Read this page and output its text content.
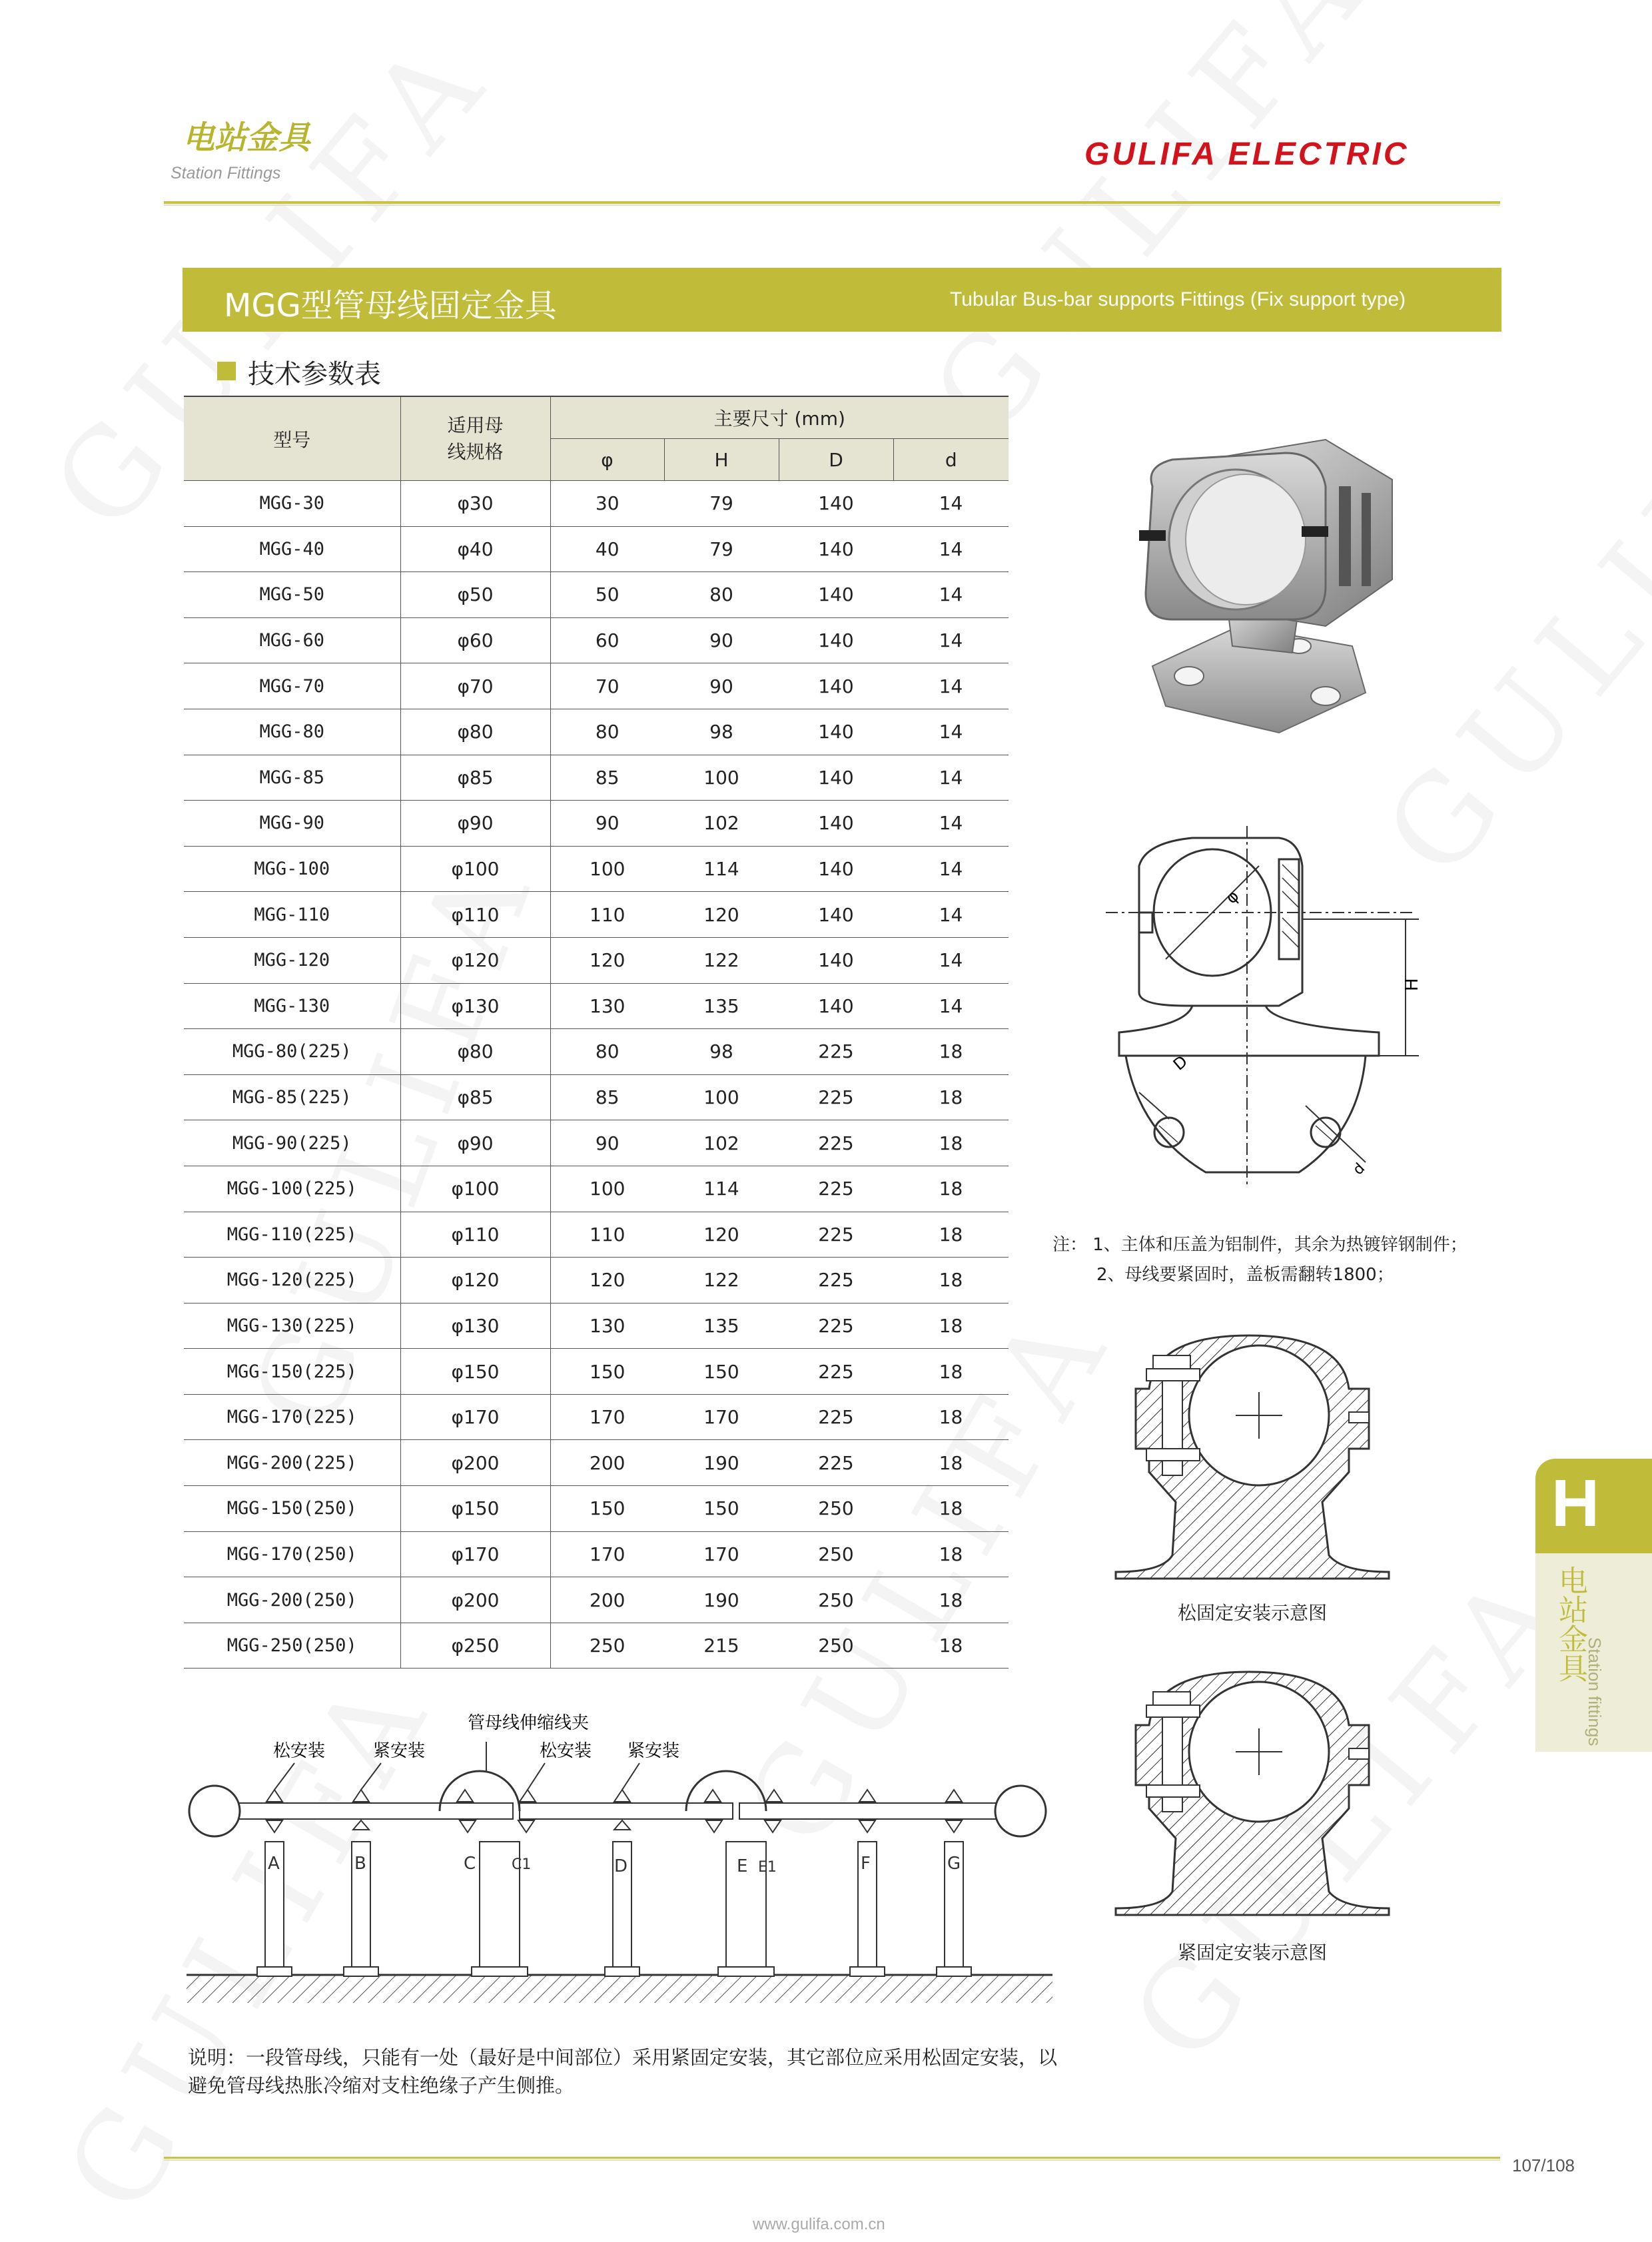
电站金具
Station Fittings
GULIFA ELECTRIC
MGG型管母线固定金具	Tubular Bus-bar supports Fittings (Fix support type)
技术参数表
型号	适用母线规格	主要尺寸 (mm)			
		φ	H	D	d
MGG-30	φ30	30	79	140	14
MGG-40	φ40	40	79	140	14
MGG-50	φ50	50	80	140	14
MGG-60	φ60	60	90	140	14
MGG-70	φ70	70	90	140	14
MGG-80	φ80	80	98	140	14
MGG-85	φ85	85	100	140	14
MGG-90	φ90	90	102	140	14
MGG-100	φ100	100	114	140	14
MGG-110	φ110	110	120	140	14
MGG-120	φ120	120	122	140	14
MGG-130	φ130	130	135	140	14
MGG-80(225)	φ80	80	98	225	18
MGG-85(225)	φ85	85	100	225	18
MGG-90(225)	φ90	90	102	225	18
MGG-100(225)	φ100	100	114	225	18
MGG-110(225)	φ110	110	120	225	18
MGG-120(225)	φ120	120	122	225	18
MGG-130(225)	φ130	130	135	225	18
MGG-150(225)	φ150	150	150	225	18
MGG-170(225)	φ170	170	170	225	18
MGG-200(225)	φ200	200	190	225	18
MGG-150(250)	φ150	150	150	250	18
MGG-170(250)	φ170	170	170	250	18
MGG-200(250)	φ200	200	190	250	18
MGG-250(250)	φ250	250	215	250	18
H
D
φ
d
注： 1、主体和压盖为铝制件，其余为热镀锌钢制件；
2、母线要紧固时，盖板需翻转1800；
松固定安装示意图
紧固定安装示意图
松安装	紧安装
管母线伸缩线夹
松安装 紧安装
A	B	C C1	D	E E1	F	G
说明：一段管母线，只能有一处（最好是中间部位）采用紧固定安装，其它部位应采用松固定安装，以避免管母线热胀冷缩对支柱绝缘子产生侧推。
H
电站金具
Station fittings
107/108
www.gulifa.com.cn
